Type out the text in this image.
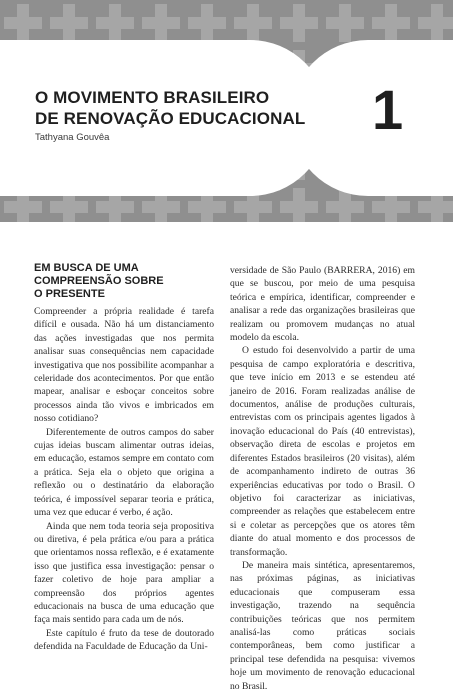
O MOVIMENTO BRASILEIRO
DE RENOVAÇÃO EDUCACIONAL
Tathyana Gouvêa	1
EM BUSCA DE UMA
COMPREENSÃO SOBRE
O PRESENTE

Compreender a própria realidade é tarefa difícil e ousada. Não há um distanciamento das ações investigadas que nos permita analisar suas consequências nem capacidade investigativa que nos possibilite acompanhar a celeridade dos acontecimentos. Por que então mapear, analisar e esboçar conceitos sobre processos ainda tão vivos e imbricados em nosso cotidiano?

Diferentemente de outros campos do saber cujas ideias buscam alimentar outras ideias, em educação, estamos sempre em contato com a prática. Seja ela o objeto que origina a reflexão ou o destinatário da elaboração teórica, é impossível separar teoria e prática, uma vez que educar é verbo, é ação.

Ainda que nem toda teoria seja propositiva ou diretiva, é pela prática e/ou para a prática que orientamos nossa reflexão, e é exatamente isso que justifica essa investigação: pensar o fazer coletivo de hoje para ampliar a compreensão dos próprios agentes educacionais na busca de uma educação que faça mais sentido para cada um de nós.

Este capítulo é fruto da tese de doutorado defendida na Faculdade de Educação da Uni-

versidade de São Paulo (BARRERA, 2016) em que se buscou, por meio de uma pesquisa teórica e empírica, identificar, compreender e analisar a rede das organizações brasileiras que realizam ou promovem mudanças no atual modelo da escola.

O estudo foi desenvolvido a partir de uma pesquisa de campo exploratória e descritiva, que teve início em 2013 e se estendeu até janeiro de 2016. Foram realizadas análise de documentos, análise de produções culturais, entrevistas com os principais agentes ligados à inovação educacional do País (40 entrevistas), observação direta de escolas e projetos em diferentes Estados brasileiros (20 visitas), além de acompanhamento indireto de outras 36 experiências educativas por todo o Brasil. O objetivo foi caracterizar as iniciativas, compreender as relações que estabelecem entre si e coletar as percepções que os atores têm diante do atual momento e dos processos de transformação.

De maneira mais sintética, apresentaremos, nas próximas páginas, as iniciativas educacionais que compuseram essa investigação, trazendo na sequência contribuições teóricas que nos permitem analisá-las como práticas sociais contemporâneas, bem como justificar a principal tese defendida na pesquisa: vivemos hoje um movimento de renovação educacional no Brasil.
